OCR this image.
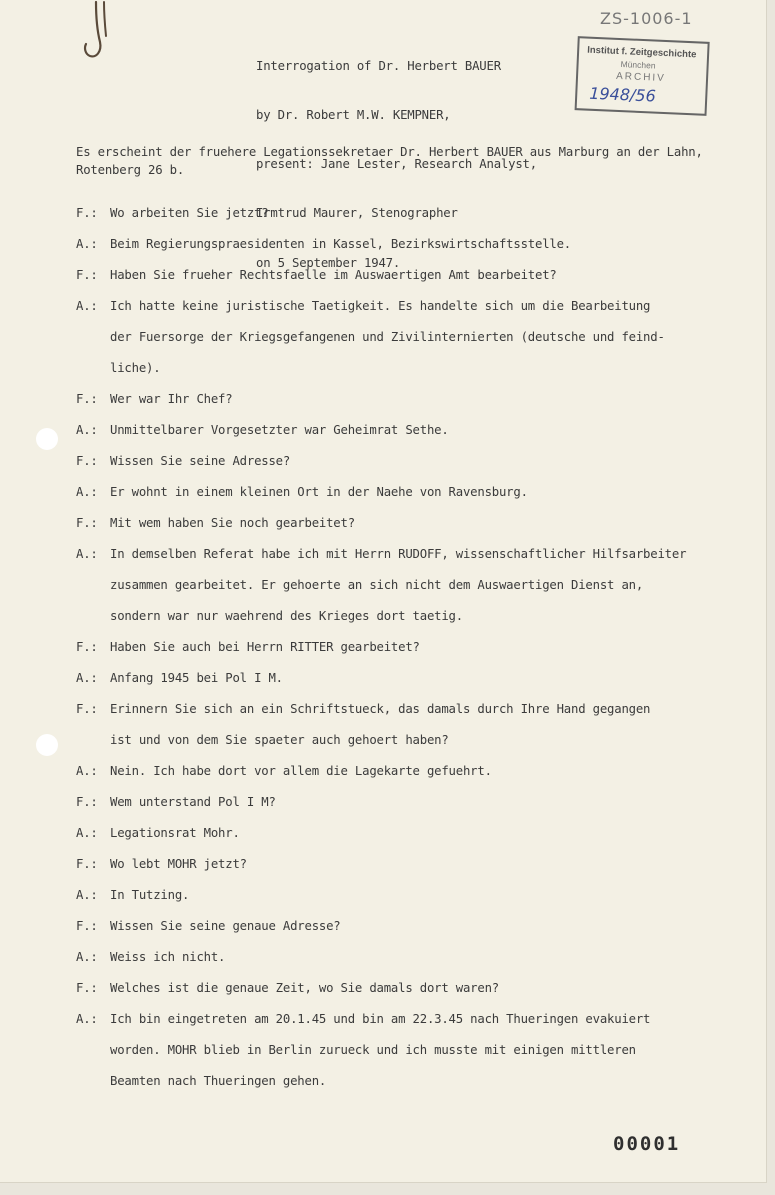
ZS-1006-1

Interrogation of Dr. Herbert BAUER

by Dr. Robert M.W. KEMPNER,

present: Jane Lester, Research Analyst,

Irmtrud Maurer, Stenographer

on 5 September 1947.

Institut f. Zeitgeschichte
München
ARCHIV
1948/56
Es erscheint der fruehere Legationssekretaer Dr. Herbert BAUER aus Marburg an der Lahn, Rotenberg 26 b.
F.:	Wo arbeiten Sie jetzt?
A.:	Beim Regierungspraesidenten in Kassel, Bezirkswirtschaftsstelle.
F.:	Haben Sie frueher Rechtsfaelle im Auswaertigen Amt bearbeitet?
A.:	Ich hatte keine juristische Taetigkeit. Es handelte sich um die Bearbeitung
der Fuersorge der Kriegsgefangenen und Zivilinternierten (deutsche und feind-
liche).
F.:	Wer war Ihr Chef?
A.:	Unmittelbarer Vorgesetzter war Geheimrat Sethe.
F.:	Wissen Sie seine Adresse?
A.:	Er wohnt in einem kleinen Ort in der Naehe von Ravensburg.
F.:	Mit wem haben Sie noch gearbeitet?
A.:	In demselben Referat habe ich mit Herrn RUDOFF, wissenschaftlicher Hilfsarbeiter
zusammen gearbeitet. Er gehoerte an sich nicht dem Auswaertigen Dienst an,
sondern war nur waehrend des Krieges dort taetig.
F.:	Haben Sie auch bei Herrn RITTER gearbeitet?
A.:	Anfang 1945 bei Pol I M.
F.:	Erinnern Sie sich an ein Schriftstueck, das damals durch Ihre Hand gegangen
ist und von dem Sie spaeter auch gehoert haben?
A.:	Nein. Ich habe dort vor allem die Lagekarte gefuehrt.
F.:	Wem unterstand Pol I M?
A.:	Legationsrat Mohr.
F.:	Wo lebt MOHR jetzt?
A.:	In Tutzing.
F.:	Wissen Sie seine genaue Adresse?
A.:	Weiss ich nicht.
F.:	Welches ist die genaue Zeit, wo Sie damals dort waren?
A.:	Ich bin eingetreten am 20.1.45 und bin am 22.3.45 nach Thueringen evakuiert
worden. MOHR blieb in Berlin zurueck und ich musste mit einigen mittleren
Beamten nach Thueringen gehen.
00001
